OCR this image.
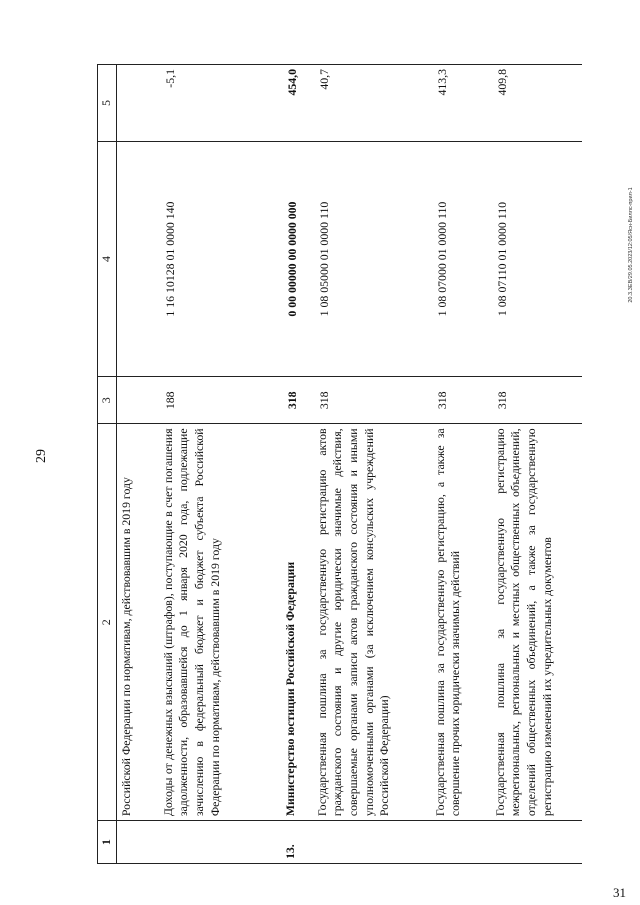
29
31
20.3.ЗЕВ/29.05.2023/12:05/Ясн-Биллс-прил-1
1	2	3	4	5
	Российской Федерации по нормативам, действовавшим в 2019 году			
	Доходы от денежных взысканий (штрафов), поступающие в счет погашения задолженности, образовавшейся до 1 января 2020 года, подлежащие зачислению в федеральный бюджет и бюджет субъекта Российской Федерации по нормативам, действовавшим в 2019 году	188	1 16 10128 01 0000 140	-5,1
13.	Министерство юстиции Российской Федерации	318	0 00 00000 00 0000 000	454,0
	Государственная пошлина за государственную регистрацию актов гражданского состояния и другие юридически значимые действия, совершаемые органами записи актов гражданского состояния и иными уполномоченными органами (за исключением консульских учреждений Российской Федерации)	318	1 08 05000 01 0000 110	40,7
	Государственная пошлина за государственную регистрацию, а также за совершение прочих юридически значимых действий	318	1 08 07000 01 0000 110	413,3
	Государственная пошлина за государственную регистрацию межрегиональных, региональных и местных общественных объединений, отделений общественных объединений, а также за государственную регистрацию изменений их учредительных документов	318	1 08 07110 01 0000 110	409,8
